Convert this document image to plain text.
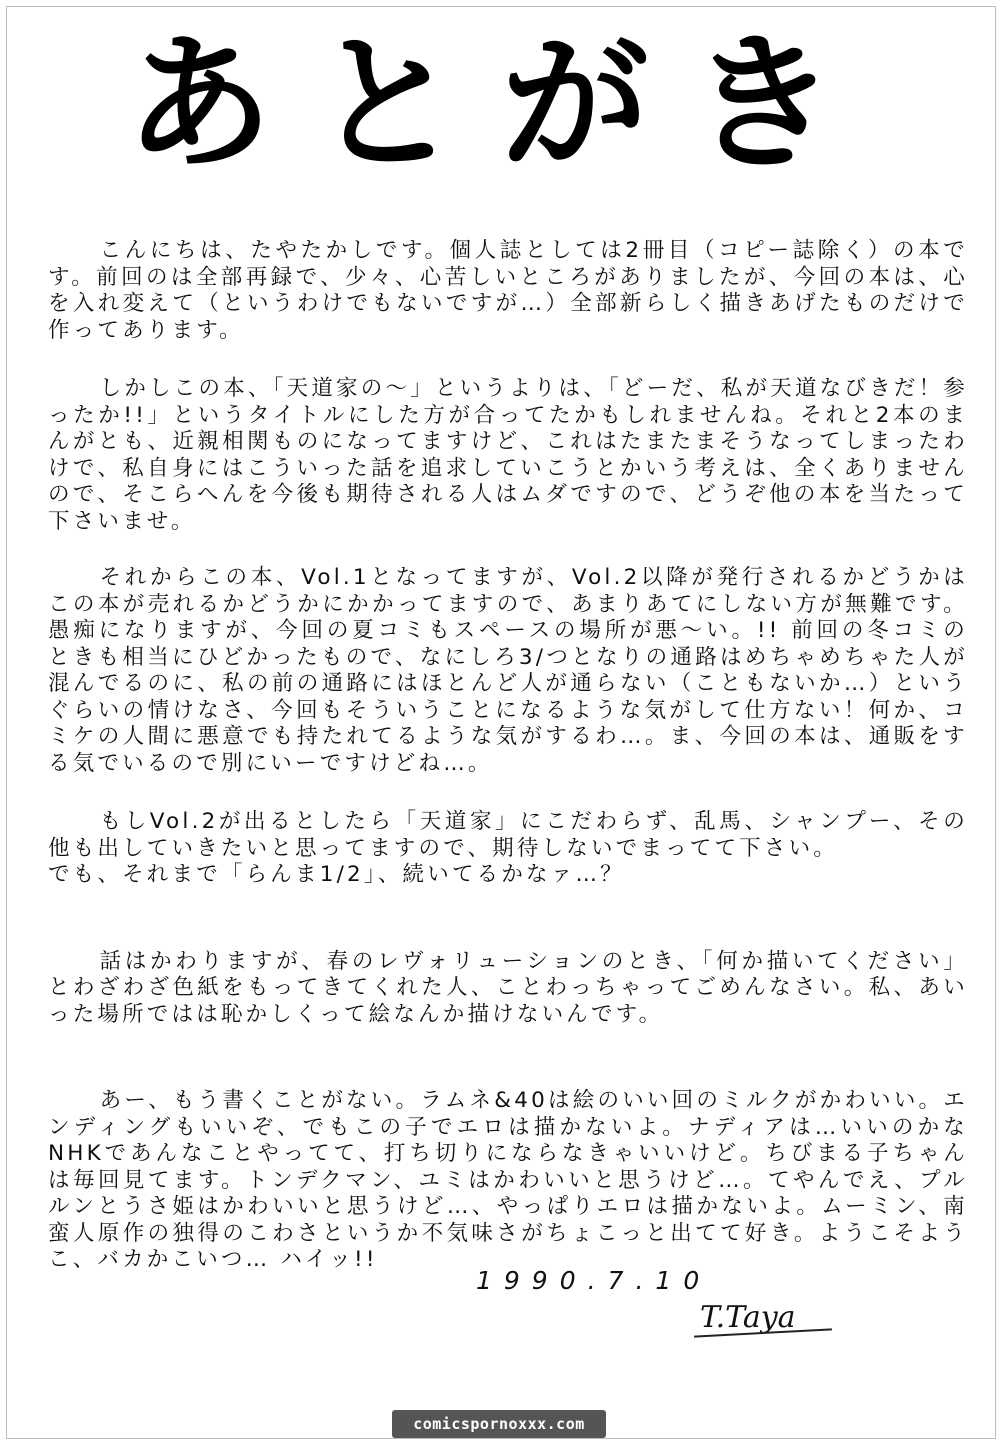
あとがき

こんにちは、たやたかしです。個人誌としては2冊目（コピー誌除く）の本です。前回のは全部再録で、少々、心苦しいところがありましたが、今回の本は、心を入れ変えて（というわけでもないですが…）全部新らしく描きあげたものだけで作ってあります。

しかしこの本、「天道家の〜」というよりは、「どーだ、私が天道なびきだ！参ったか!!」というタイトルにした方が合ってたかもしれませんね。それと2本のまんがとも、近親相関ものになってますけど、これはたまたまそうなってしまったわけで、私自身にはこういった話を追求していこうとかいう考えは、全くありませんので、そこらへんを今後も期待される人はムダですので、どうぞ他の本を当たって下さいませ。

それからこの本、Vol.1となってますが、Vol.2以降が発行されるかどうかはこの本が売れるかどうかにかかってますので、あまりあてにしない方が無難です。愚痴になりますが、今回の夏コミもスペースの場所が悪〜い。!! 前回の冬コミのときも相当にひどかったもので、なにしろ3/つとなりの通路はめちゃめちゃた人が混んでるのに、私の前の通路にはほとんど人が通らない（こともないか…）というぐらいの情けなさ、今回もそういうことになるような気がして仕方ない！何か、コミケの人間に悪意でも持たれてるような気がするわ…。ま、今回の本は、通販をする気でいるので別にいーですけどね…。

もしVol.2が出るとしたら「天道家」にこだわらず、乱馬、シャンプー、その他も出していきたいと思ってますので、期待しないでまってて下さい。
でも、それまで「らんま1/2」、続いてるかなァ…？

話はかわりますが、春のレヴォリューションのとき、「何か描いてください」とわざわざ色紙をもってきてくれた人、ことわっちゃってごめんなさい。私、あいった場所ではは恥かしくって絵なんか描けないんです。

あー、もう書くことがない。ラムネ&40は絵のいい回のミルクがかわいい。エンディングもいいぞ、でもこの子でエロは描かないよ。ナディアは…いいのかなNHKであんなことやってて、打ち切りにならなきゃいいけど。ちびまる子ちゃんは毎回見てます。トンデクマン、ユミはかわいいと思うけど…。てやんでえ、プルルンとうさ姫はかわいいと思うけど…、やっぱりエロは描かないよ。ムーミン、南蛮人原作の独得のこわさというか不気味さがちょこっと出てて好き。ようこそようこ、バカかこいつ… ハイッ!!

1990.7.10
T.Taya
comicspornoxxx.com
